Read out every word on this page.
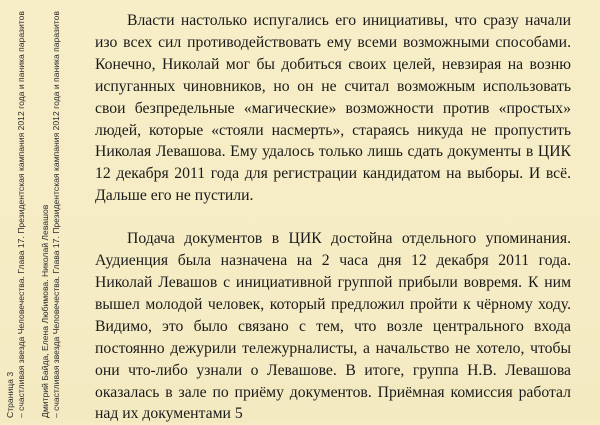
Страница 3 – счастливая звезда Человечества. Глава 17. Президентская кампания 2012 года и паника паразитов Дмитрий Байда, Елена Любимова. Николай Левашов – счастливая звезда Человечества. Глава 17. Президентская кампания 2012 года и паника паразитов	Власти настолько испугались его инициативы, что сразу начали изо всех сил противодействовать ему всеми возможными способами. Конечно, Николай мог бы добиться своих целей, невзирая на возню испуганных чиновников, но он не считал возможным использовать свои безпредельные «магические» возможности против «простых» людей, которые «стояли насмерть», стараясь никуда не пропустить Николая Левашова. Ему удалось только лишь сдать документы в ЦИК 12 декабря 2011 года для регистрации кандидатом на выборы. И всё. Дальше его не пустили.

Подача документов в ЦИК достойна отдельного упоминания. Аудиенция была назначена на 2 часа дня 12 декабря 2011 года. Николай Левашов с инициативной группой прибыли вовремя. К ним вышел молодой человек, который предложил пройти к чёрному ходу. Видимо, это было связано с тем, что возле центрального входа постоянно дежурили тележурналисты, а начальство не хотело, чтобы они что-либо узнали о Левашове. В итоге, группа Н.В. Левашова оказалась в зале по приёму документов. Приёмная комиссия работал над их документами 5
